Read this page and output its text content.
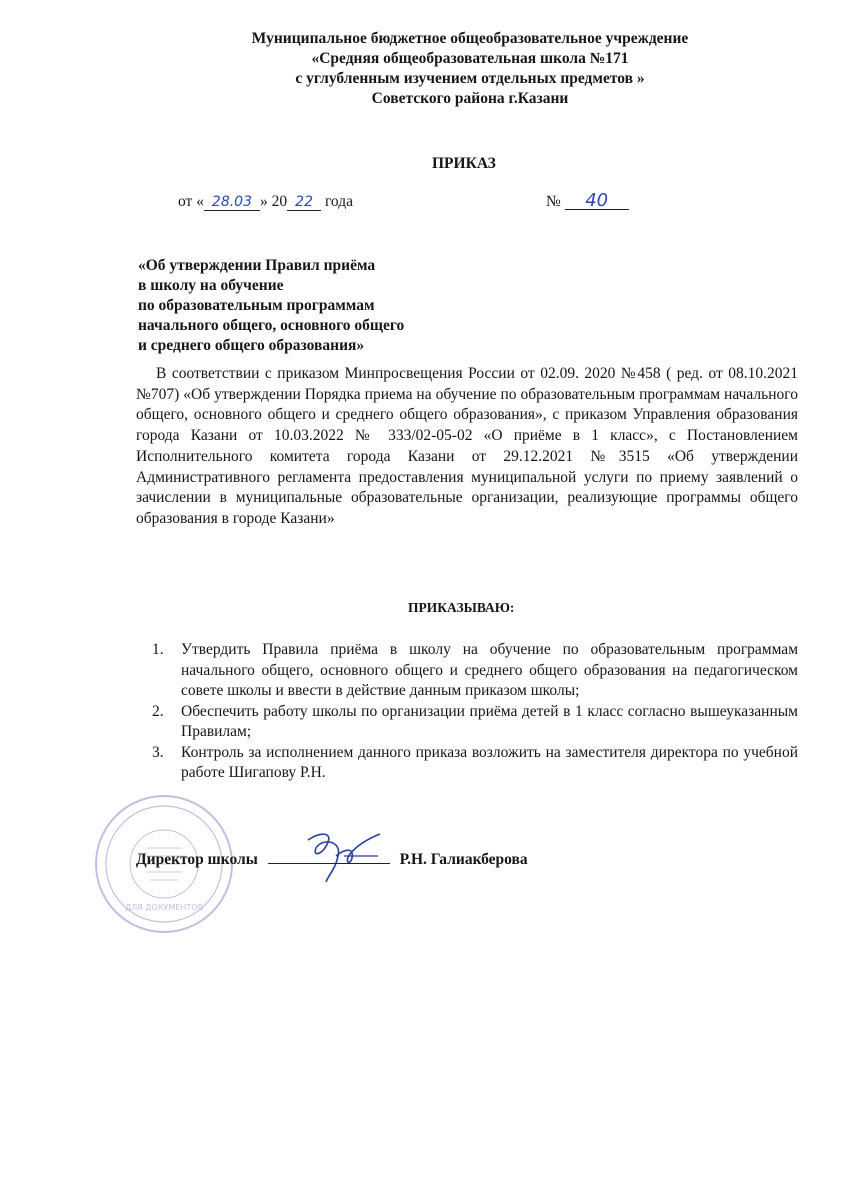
Муниципальное бюджетное общеобразовательное учреждение
«Средняя общеобразовательная школа №171
с углубленным изучением отдельных предметов »
Советского района г.Казани
ПРИКАЗ
от « 28.03 » 20 22 года	№ 40
«Об утверждении Правил приёма
в школу на обучение
по образовательным программам
начального общего, основного общего
и среднего общего образования»
В соответствии с приказом Минпросвещения России от 02.09. 2020 №458 ( ред. от 08.10.2021 №707) «Об утверждении Порядка приема на обучение по образовательным программам начального общего, основного общего и среднего общего образования», с приказом Управления образования города Казани от 10.03.2022 № 333/02-05-02 «О приёме в 1 класс», с Постановлением Исполнительного комитета города Казани от 29.12.2021 №3515 «Об утверждении Административного регламента предоставления муниципальной услуги по приему заявлений о зачислении в муниципальные образовательные организации, реализующие программы общего образования в городе Казани»
ПРИКАЗЫВАЮ:
1. Утвердить Правила приёма в школу на обучение по образовательным программам начального общего, основного общего и среднего общего образования на педагогическом совете школы и ввести в действие данным приказом школы;
2. Обеспечить работу школы по организации приёма детей в 1 класс согласно вышеуказанным Правилам;
3. Контроль за исполнением данного приказа возложить на заместителя директора по учебной работе Шигапову Р.Н.
ДЛЯ ДОКУМЕНТОВ
Директор школы	Р.Н. Галиакберова
